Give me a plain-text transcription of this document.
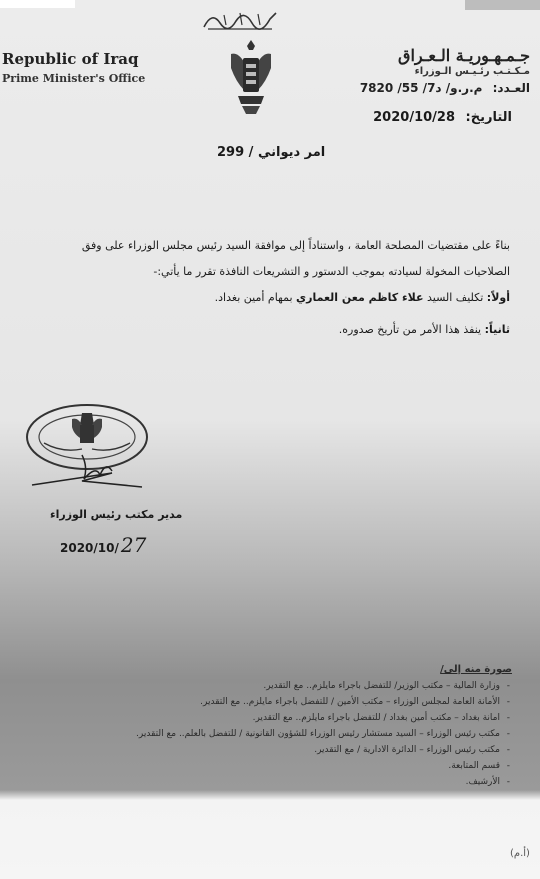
Republic of Iraq
Prime Minister's Office
جـمـهـوريـة الـعـراق
مـكـتـب رئـيـس الـوزراء
العـدد: م.ر.و/ د7/ 55/ 7820
التاريخ: 2020/10/28
امر ديواني / 299

بناءً على مقتضيات المصلحة العامة ، واستناداً إلى موافقة السيد رئيس مجلس الوزراء على وفق

الصلاحيات المخولة لسيادته بموجب الدستور و التشريعات النافذة تقرر ما يأتي:-

أولاً: تكليف السيد علاء كاظم معن العماري بمهام أمين بغداد.

ثانياً: ينفذ هذا الأمر من تأريخ صدوره.

مدير مكتب رئيس الوزراء
2020/10/ 27
صورة منه إلى/
- وزارة المالية – مكتب الوزير/ للتفضل باجراء مايلزم.. مع التقدير.
- الأمانة العامة لمجلس الوزراء – مكتب الأمين / للتفضل باجراء مايلزم.. مع التقدير.
- امانة بغداد – مكتب أمين بغداد / للتفضل باجراء مايلزم.. مع التقدير.
- مكتب رئيس الوزراء – السيد مستشار رئيس الوزراء للشؤون القانونية / للتفضل بالعلم.. مع التقدير.
- مكتب رئيس الوزراء – الدائرة الادارية / مع التقدير.
- قسم المتابعة.
- الأرشيف.
(أ.م)
